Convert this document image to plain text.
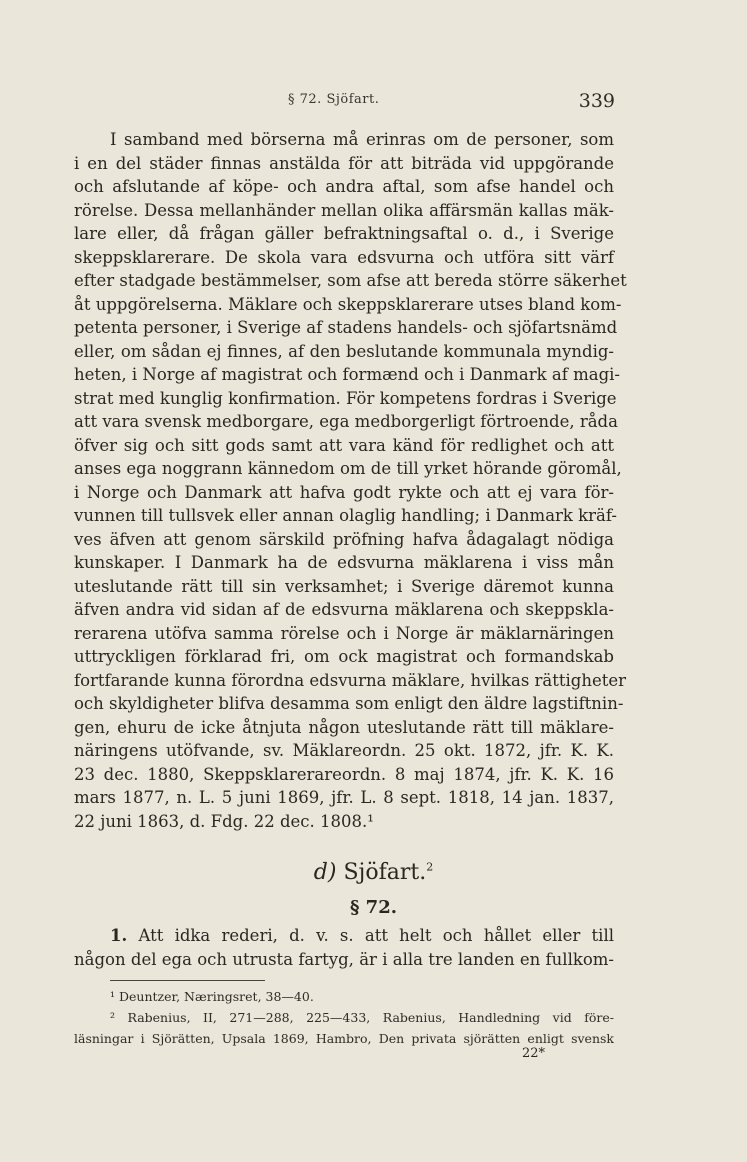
§ 72. Sjöfart.	339
I samband med börserna må erinras om de personer, som
i en del städer finnas anstälda för att biträda vid uppgörande
och afslutande af köpe- och andra aftal, som afse handel och
rörelse. Dessa mellanhänder mellan olika affärsmän kallas mäk-
lare eller, då frågan gäller befraktningsaftal o. d., i Sverige
skeppsklarerare. De skola vara edsvurna och utföra sitt värf
efter stadgade bestämmelser, som afse att bereda större säkerhet
åt uppgörelserna. Mäklare och skeppsklarerare utses bland kom-
petenta personer, i Sverige af stadens handels- och sjöfartsnämd
eller, om sådan ej finnes, af den beslutande kommunala myndig-
heten, i Norge af magistrat och formænd och i Danmark af magi-
strat med kunglig konfirmation. För kompetens fordras i Sverige
att vara svensk medborgare, ega medborgerligt förtroende, råda
öfver sig och sitt gods samt att vara känd för redlighet och att
anses ega noggrann kännedom om de till yrket hörande göromål,
i Norge och Danmark att hafva godt rykte och att ej vara för-
vunnen till tullsvek eller annan olaglig handling; i Danmark kräf-
ves äfven att genom särskild pröfning hafva ådagalagt nödiga
kunskaper. I Danmark ha de edsvurna mäklarena i viss mån
uteslutande rätt till sin verksamhet; i Sverige däremot kunna
äfven andra vid sidan af de edsvurna mäklarena och skeppskla-
rerarena utöfva samma rörelse och i Norge är mäklarnäringen
uttryckligen förklarad fri, om ock magistrat och formandskab
fortfarande kunna förordna edsvurna mäklare, hvilkas rättigheter
och skyldigheter blifva desamma som enligt den äldre lagstiftnin-
gen, ehuru de icke åtnjuta någon uteslutande rätt till mäklare-
näringens utöfvande, sv. Mäklareordn. 25 okt. 1872, jfr. K. K.
23 dec. 1880, Skeppsklarerareordn. 8 maj 1874, jfr. K. K. 16
mars 1877, n. L. 5 juni 1869, jfr. L. 8 sept. 1818, 14 jan. 1837,
22 juni 1863, d. Fdg. 22 dec. 1808.¹
d) Sjöfart.$^2$
§ 72.
1. Att idka rederi, d. v. s. att helt och hållet eller till
någon del ega och utrusta fartyg, är i alla tre landen en fullkom-
¹ Deuntzer, Næringsret, 38—40.
² Rabenius, II, 271—288, 225—433, Rabenius, Handledning vid före-
läsningar i Sjörätten, Upsala 1869, Hambro, Den privata sjörätten enligt svensk
22*
